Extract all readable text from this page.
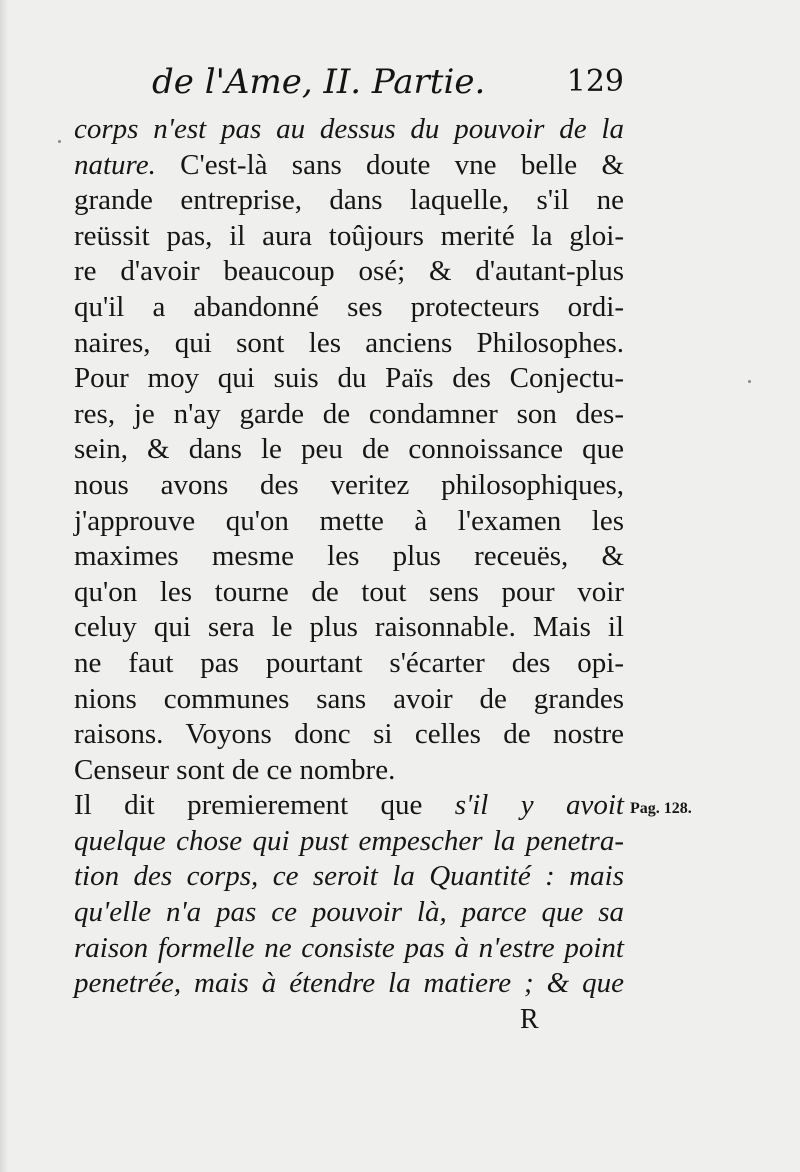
de l'Ame, II. Partie.	129
corps n'est pas au dessus du pouvoir de la
nature. C'est-là sans doute vne belle &
grande entreprise, dans laquelle, s'il ne
reüssit pas, il aura toûjours merité la gloi-
re d'avoir beaucoup osé; & d'autant-plus
qu'il a abandonné ses protecteurs ordi-
naires, qui sont les anciens Philosophes.
Pour moy qui suis du Païs des Conjectu-
res, je n'ay garde de condamner son des-
sein, & dans le peu de connoissance que
nous avons des veritez philosophiques,
j'approuve qu'on mette à l'examen les
maximes mesme les plus receuës, &
qu'on les tourne de tout sens pour voir
celuy qui sera le plus raisonnable. Mais il
ne faut pas pourtant s'écarter des opi-
nions communes sans avoir de grandes
raisons. Voyons donc si celles de nostre
Censeur sont de ce nombre.
Il dit premierement que s'il y avoit
quelque chose qui pust empescher la penetra-
tion des corps, ce seroit la Quantité : mais
qu'elle n'a pas ce pouvoir là, parce que sa
raison formelle ne consiste pas à n'estre point
penetrée, mais à étendre la matiere ; & que
Pag. 128.
R
